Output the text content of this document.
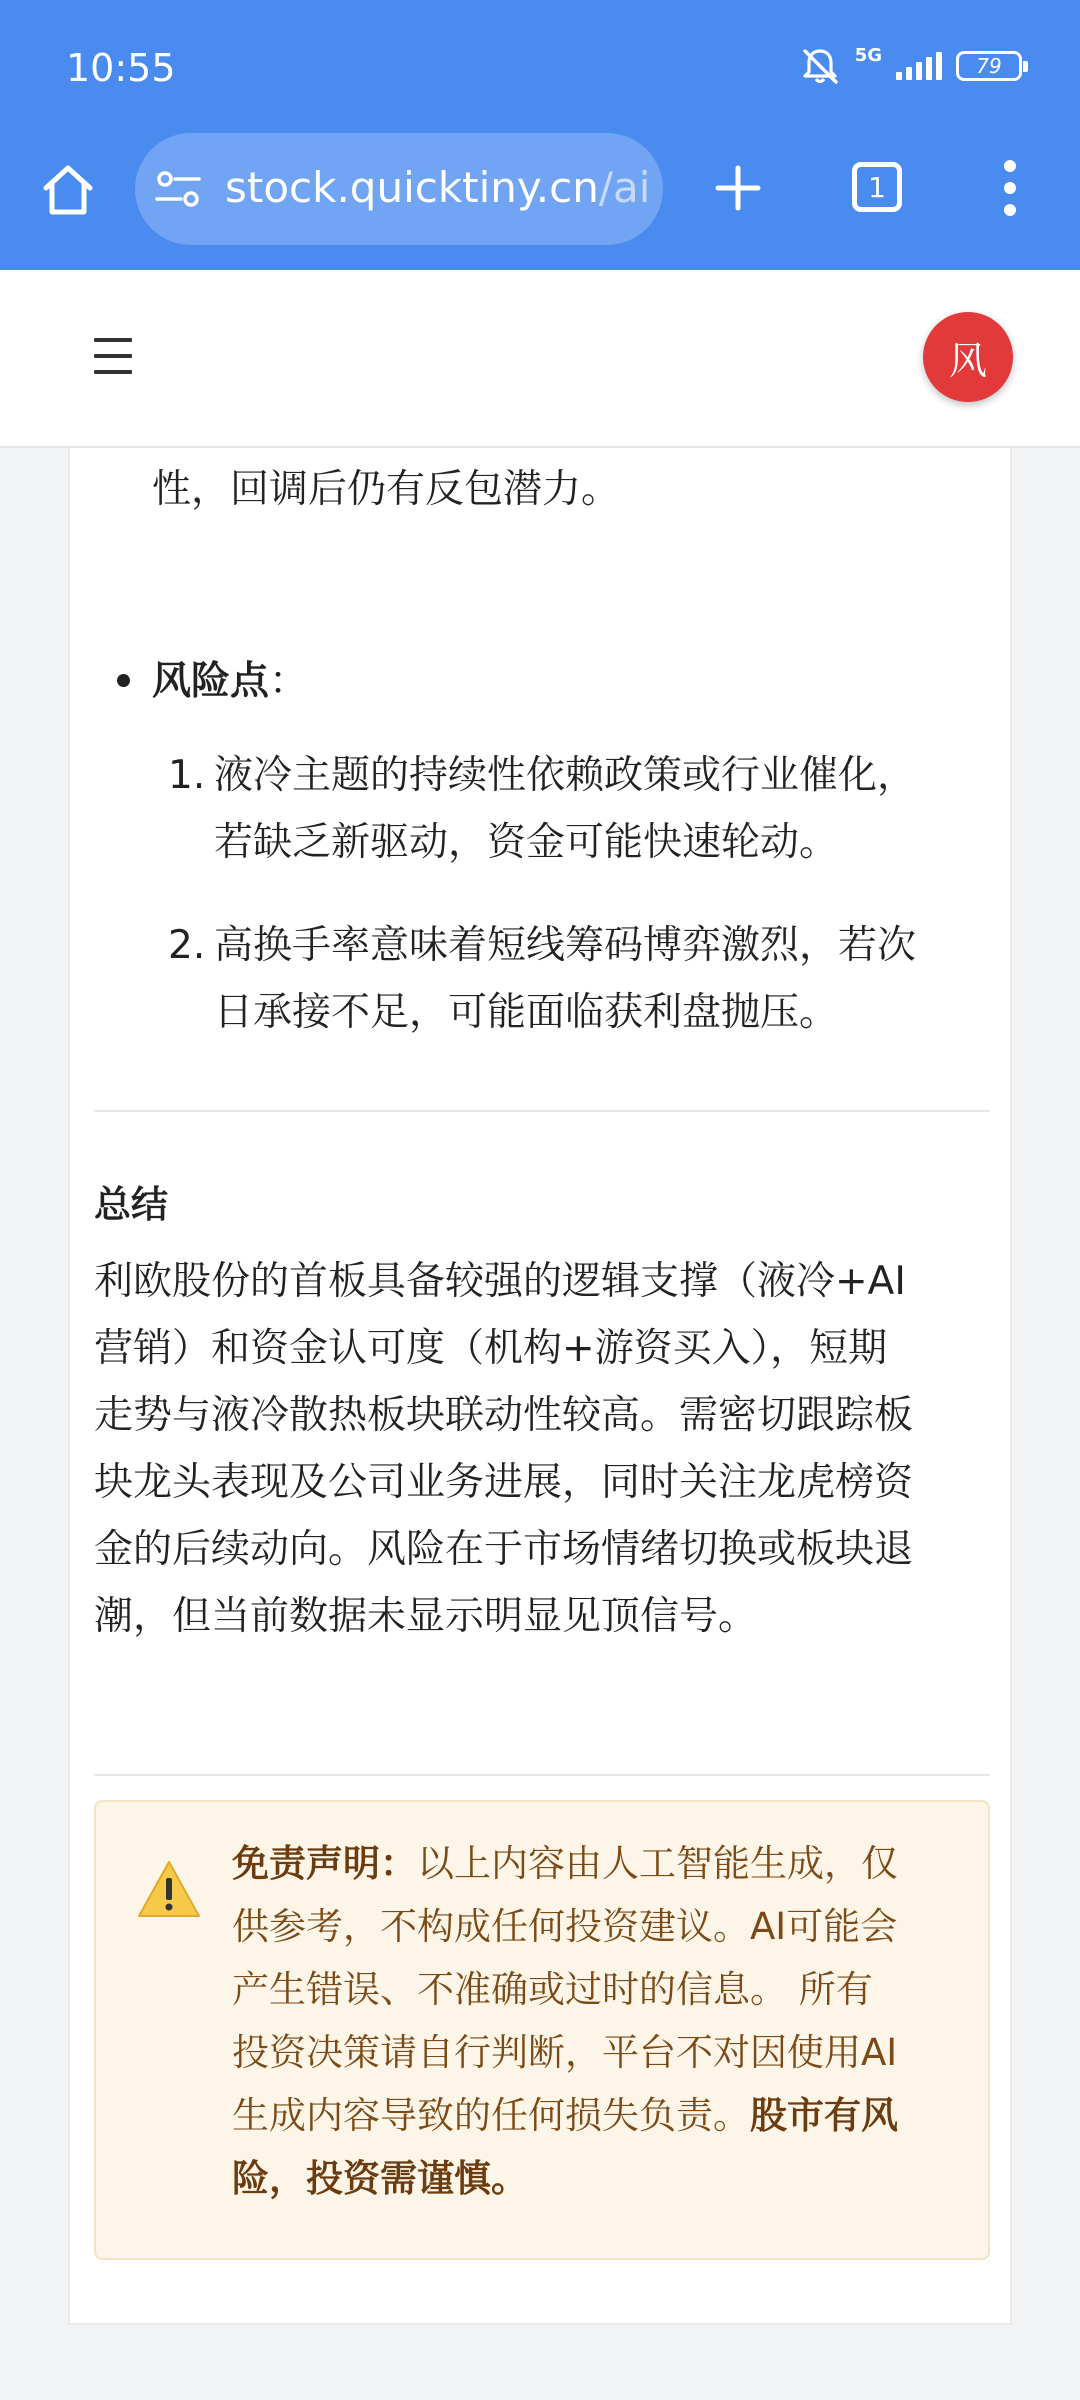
10:55	5G	79
stock.quicktiny.cn/ai	1
风
性，回调后仍有反包潜力。
风险点：
1. 液冷主题的持续性依赖政策或行业催化，
若缺乏新驱动，资金可能快速轮动。
2. 高换手率意味着短线筹码博弈激烈，若次
日承接不足，可能面临获利盘抛压。
总结
利欧股份的首板具备较强的逻辑支撑（液冷+AI
营销）和资金认可度（机构+游资买入），短期
走势与液冷散热板块联动性较高。需密切跟踪板
块龙头表现及公司业务进展，同时关注龙虎榜资
金的后续动向。风险在于市场情绪切换或板块退
潮，但当前数据未显示明显见顶信号。
免责声明：以上内容由人工智能生成，仅
供参考，不构成任何投资建议。AI可能会
产生错误、不准确或过时的信息。 所有
投资决策请自行判断，平台不对因使用AI
生成内容导致的任何损失负责。股市有风
险，投资需谨慎。
